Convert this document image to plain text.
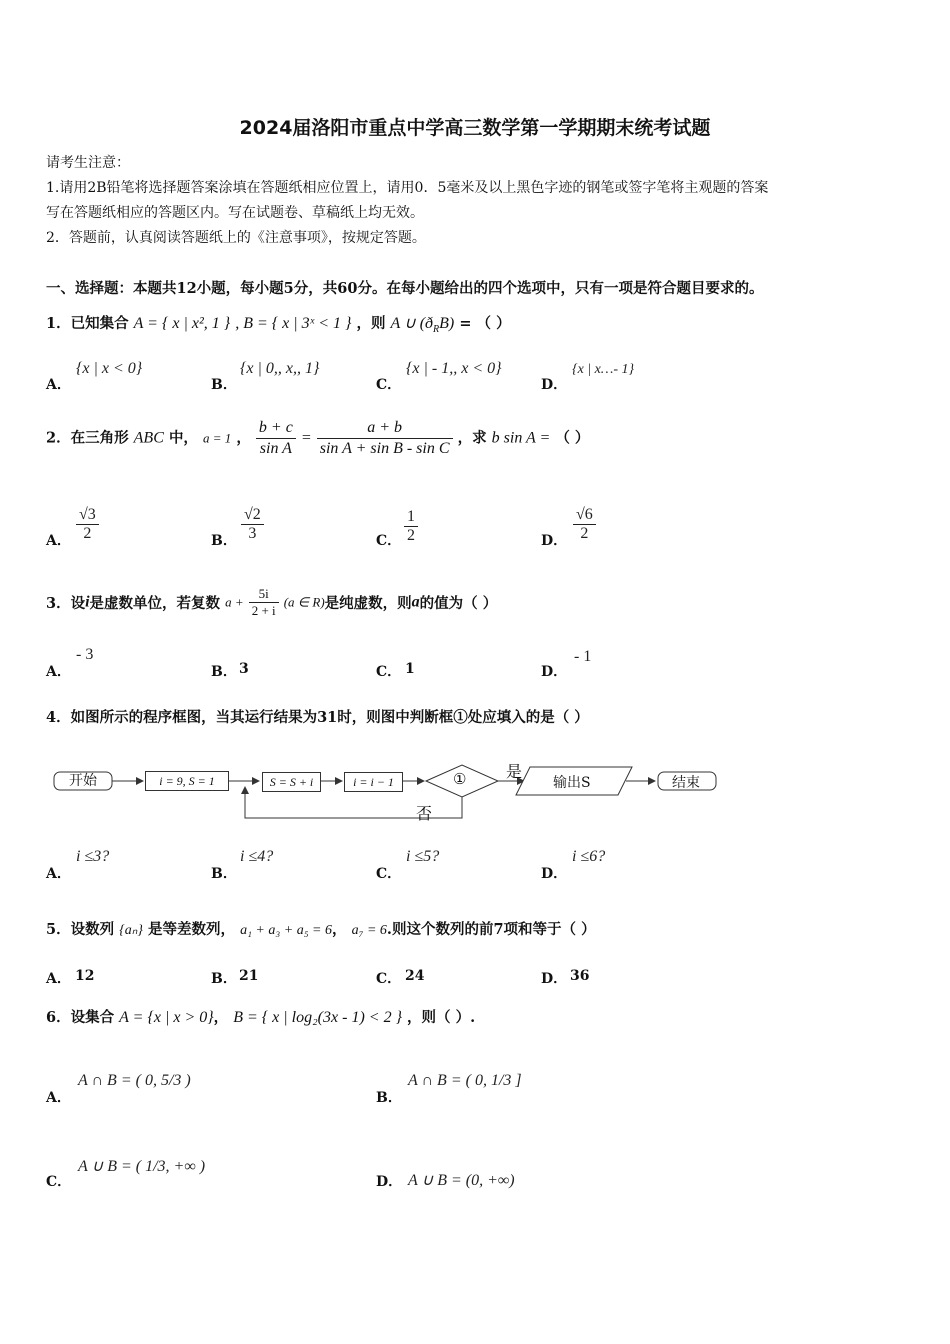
2024届洛阳市重点中学高三数学第一学期期末统考试题
请考生注意：
1.请用2B铅笔将选择题答案涂填在答题纸相应位置上，请用0．5毫米及以上黑色字迹的钢笔或签字笔将主观题的答案
写在答题纸相应的答题区内。写在试题卷、草稿纸上均无效。
2．答题前，认真阅读答题纸上的《注意事项》，按规定答题。
一、选择题：本题共12小题，每小题5分，共60分。在每小题给出的四个选项中，只有一项是符合题目要求的。
1．已知集合 A = { x | x², 1 } , B = { x | 3ˣ < 1 } ，则 A ∪ $(ð_RB)$ = （ ）
A．
{x | x < 0}
B．
{x | 0,, x,, 1}
C．
{x | - 1,, x < 0}
D．
{x | x…- 1}
2．在三角形 ABC 中， a = 1 ， $\frac{b + c}{\text{sin A}} = \frac{a + b}{\text{sin A + sin B - sin C}}$ ，求 b sin A = （ ）
A． $\frac{√3}{2}$	B． $\frac{√2}{3}$	C． $\frac{1}{2}$	D． $\frac{√6}{2}$
3．设i是虚数单位，若复数 $a + \frac{5i}{2 + i} (a$ ∈ R)是纯虚数，则a的值为（ ）
A．
- 3
B． 3	C． 1	D．
- 1
4．如图所示的程序框图，当其运行结果为31时，则图中判断框①处应填入的是（ ）
开始	i = 9, S = 1	S = S + i	i = i − 1	① 是
否
输出S	结束
A．
i ≤3?
B．
i ≤4?
C．
i ≤5?
D．
i ≤6?
5．设数列 {aₙ} 是等差数列， a₁ + a₃ + a₅ = 6， a₇ = 6.则这个数列的前7项和等于（ ）
A． 12	B． 21	C． 24	D． 36
6．设集合 A = {x | x > 0}， B = { x | log₂(3x - 1) < 2 } ，则（ ）.
A．
A ∩ B = ( 0, 5/3 )
B．
A ∩ B = ( 0, 1/3 ]
C．
A ∪ B = ( 1/3, +∞ )
D． A ∪ B = (0, +∞)
